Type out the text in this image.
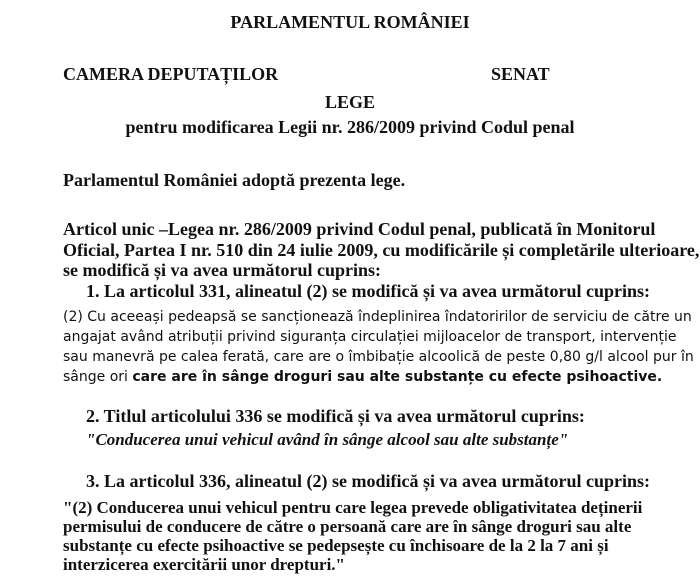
PARLAMENTUL ROMÂNIEI
CAMERA DEPUTAȚILOR	SENAT
LEGE
pentru modificarea Legii nr. 286/2009 privind Codul penal
Parlamentul României adoptă prezenta lege.
Articol unic –Legea nr. 286/2009 privind Codul penal, publicată în Monitorul
Oficial, Partea I nr. 510 din 24 iulie 2009, cu modificările și completările ulterioare,
se modifică și va avea următorul cuprins:
1. La articolul 331, alineatul (2) se modifică și va avea următorul cuprins:
(2) Cu aceeași pedeapsă se sancționează îndeplinirea îndatoririlor de serviciu de către un
angajat având atribuții privind siguranța circulației mijloacelor de transport, intervenție
sau manevră pe calea ferată, care are o îmbibație alcoolică de peste 0,80 g/l alcool pur în
sânge ori care are în sânge droguri sau alte substanțe cu efecte psihoactive.
2. Titlul articolului 336 se modifică și va avea următorul cuprins:
"Conducerea unui vehicul având în sânge alcool sau alte substanțe"
3. La articolul 336, alineatul (2) se modifică și va avea următorul cuprins:
"(2) Conducerea unui vehicul pentru care legea prevede obligativitatea deținerii
permisului de conducere de către o persoană care are în sânge droguri sau alte
substanțe cu efecte psihoactive se pedepsește cu închisoare de la 2 la 7 ani și
interzicerea exercitării unor drepturi."
